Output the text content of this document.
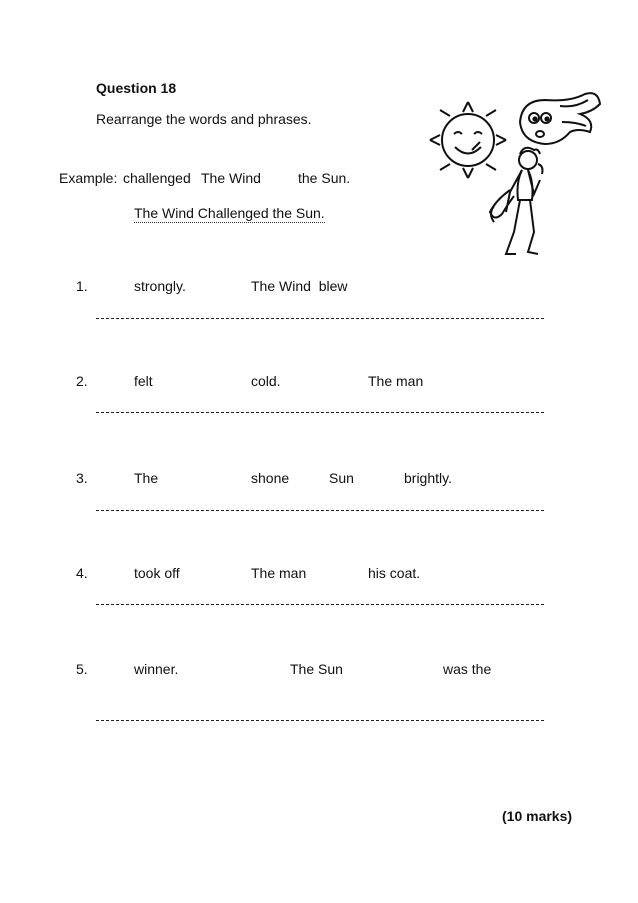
Question 18
Rearrange the words and phrases.
Example: challenged The Wind	the Sun.
The Wind Challenged the Sun.
1.	strongly.	The Wind  blew
2.	felt	cold.	The man
3.	The	shone	Sun	brightly.
4.	took off	The man	his coat.
5.	winner.	The Sun	was the
(10 marks)
